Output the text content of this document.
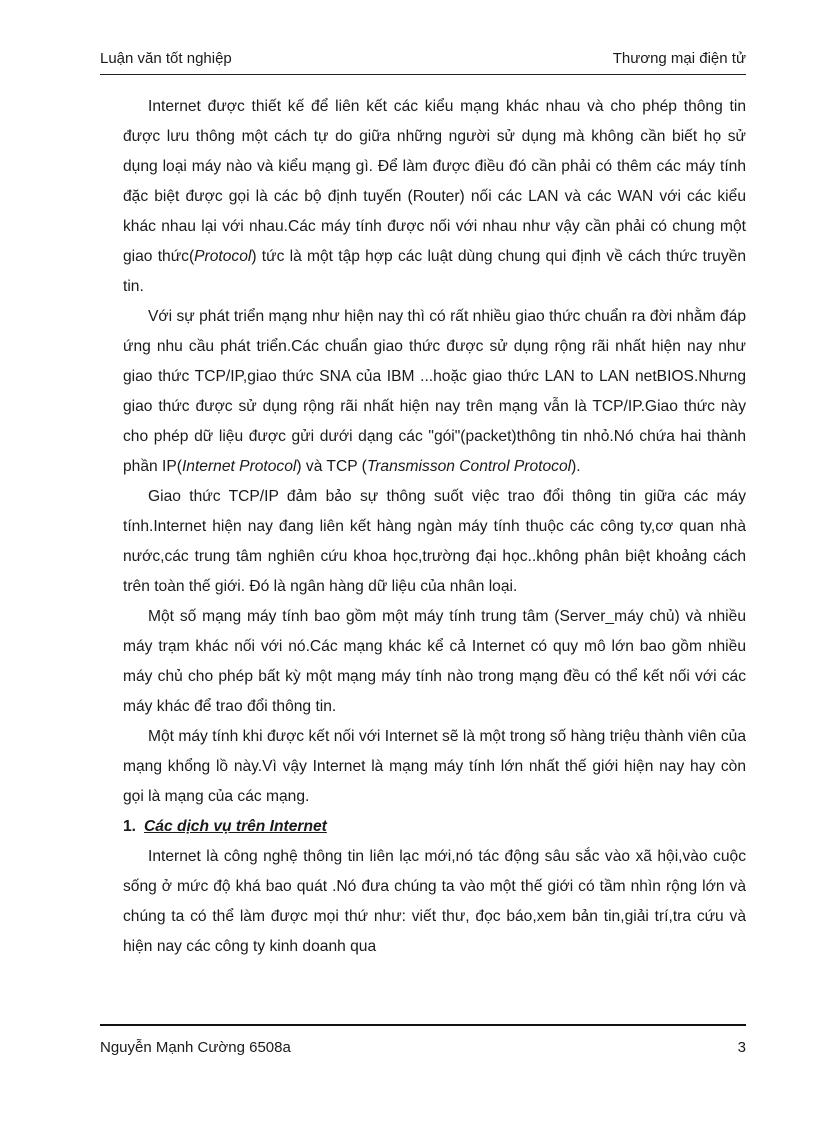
Luận văn tốt nghiệp	Thương mại điện tử

Internet được thiết kế để liên kết các kiểu mạng khác nhau và cho phép thông tin được lưu thông một cách tự do giữa những người sử dụng mà không cần biết họ sử dụng loại máy nào và kiểu mạng gì. Để làm được điều đó cần phải có thêm các máy tính đặc biệt được gọi là các bộ định tuyến (Router) nối các LAN và các WAN với các kiểu khác nhau lại với nhau.Các máy tính được nối với nhau như vậy cần phải có chung một giao thức(Protocol) tức là một tập hợp các luật dùng chung qui định về cách thức truyền tin.

Với sự phát triển mạng như hiện nay thì có rất nhiều giao thức chuẩn ra đời nhằm đáp ứng nhu cầu phát triển.Các chuẩn giao thức được sử dụng rộng rãi nhất hiện nay như giao thức TCP/IP,giao thức SNA của IBM ...hoặc giao thức LAN to LAN netBIOS.Nhưng giao thức được sử dụng rộng rãi nhất hiện nay trên mạng vẫn là TCP/IP.Giao thức này cho phép dữ liệu được gửi dưới dạng các "gói"(packet)thông tin nhỏ.Nó chứa hai thành phần IP(Internet Protocol) và TCP (Transmisson Control Protocol).

Giao thức TCP/IP đảm bảo sự thông suốt việc trao đổi thông tin giữa các máy tính.Internet hiện nay đang liên kết hàng ngàn máy tính thuộc các công ty,cơ quan nhà nước,các trung tâm nghiên cứu khoa học,trường đại học..không phân biệt khoảng cách trên toàn thế giới. Đó là ngân hàng dữ liệu của nhân loại.

Một số mạng máy tính bao gồm một máy tính trung tâm (Server_máy chủ) và nhiều máy trạm khác nối với nó.Các mạng khác kể cả Internet có quy mô lớn bao gồm nhiều máy chủ cho phép bất kỳ một mạng máy tính nào trong mạng đều có thể kết nối với các máy khác để trao đổi thông tin.

Một máy tính khi được kết nối với Internet sẽ là một trong số hàng triệu thành viên của mạng khổng lồ này.Vì vậy Internet là mạng máy tính lớn nhất thế giới hiện nay hay còn gọi là mạng của các mạng.

1. Các dịch vụ trên Internet

Internet là công nghệ thông tin liên lạc mới,nó tác động sâu sắc vào xã hội,vào cuộc sống ở mức độ khá bao quát .Nó đưa chúng ta vào một thế giới có tầm nhìn rộng lớn và chúng ta có thể làm được mọi thứ như: viết thư, đọc báo,xem bản tin,giải trí,tra cứu và hiện nay các công ty kinh doanh qua

Nguyễn Mạnh Cường 6508a	3
